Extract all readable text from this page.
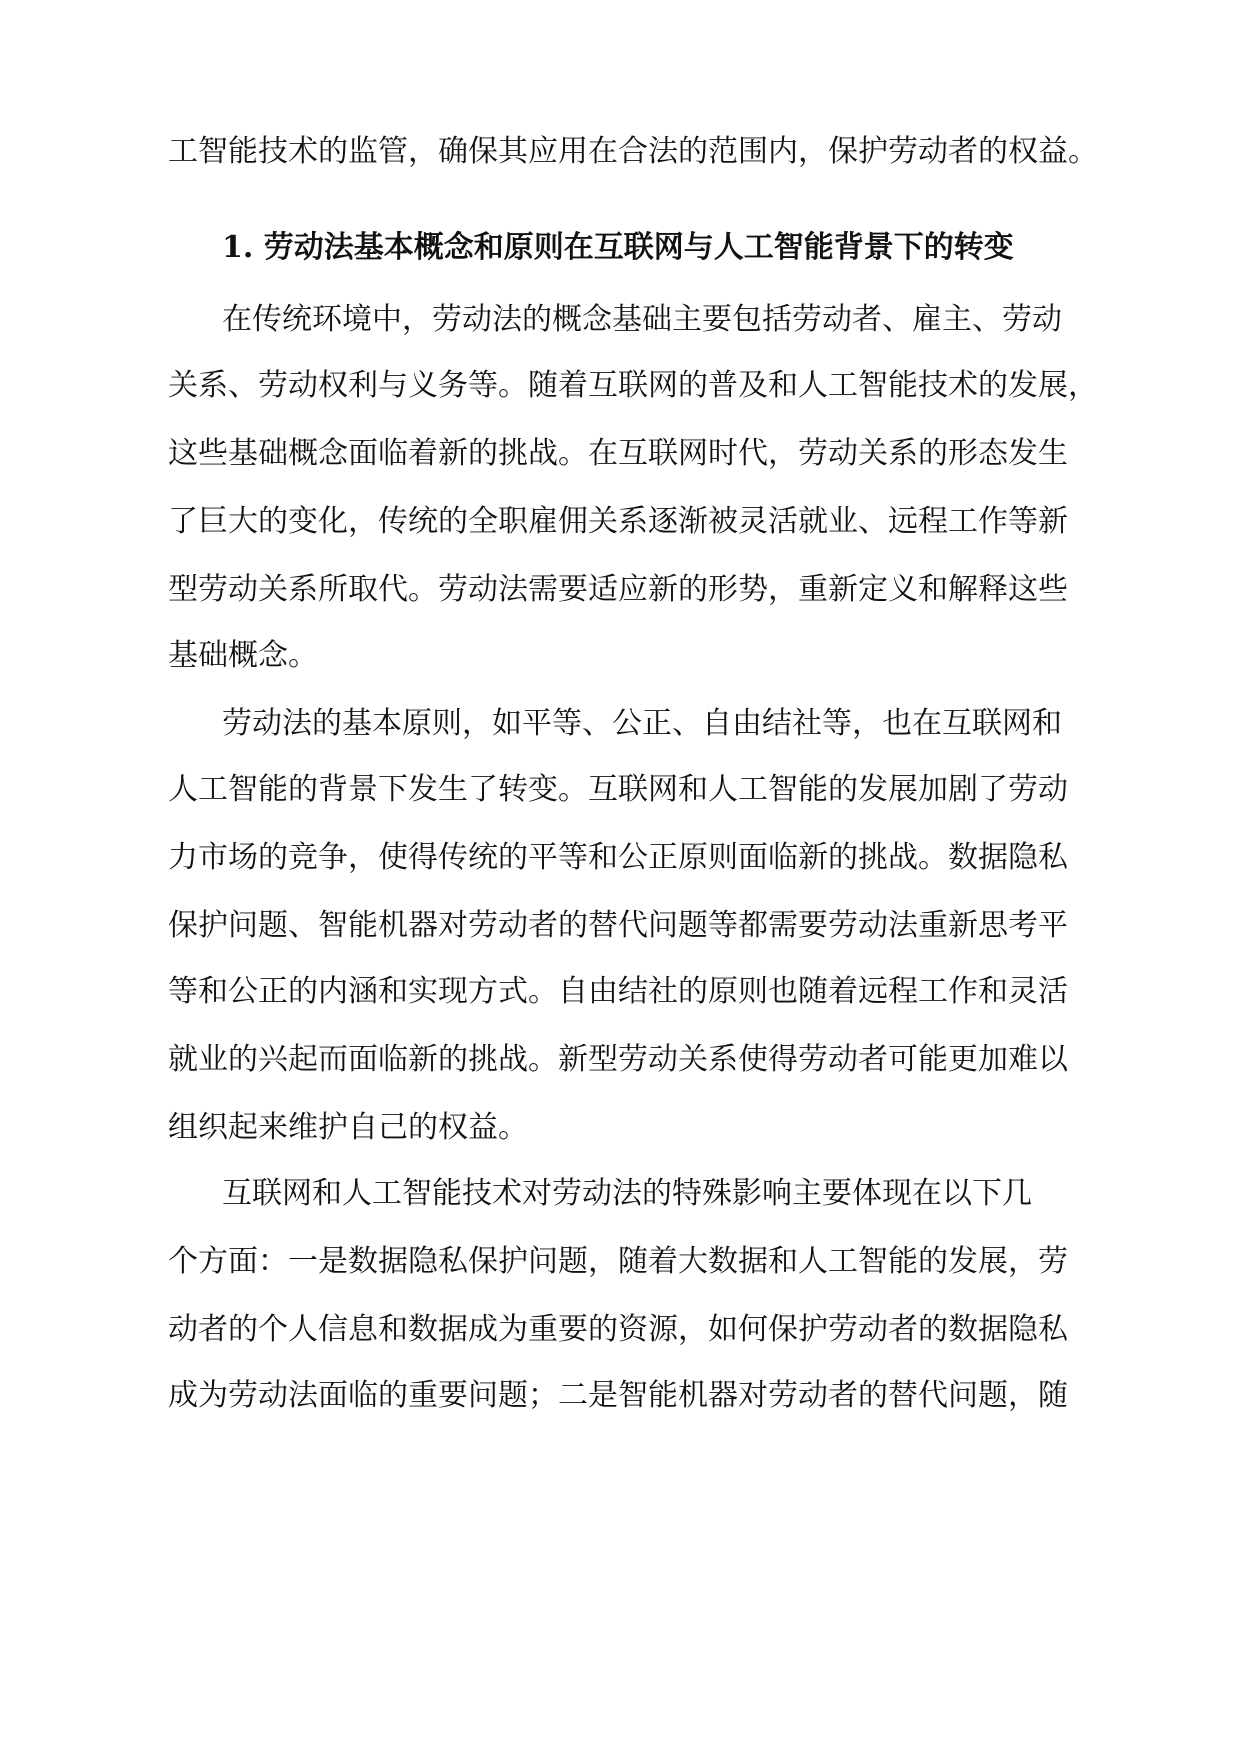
工智能技术的监管，确保其应用在合法的范围内，保护劳动者的权益。
1. 劳动法基本概念和原则在互联网与人工智能背景下的转变
在传统环境中，劳动法的概念基础主要包括劳动者、雇主、劳动
关系、劳动权利与义务等。随着互联网的普及和人工智能技术的发展，
这些基础概念面临着新的挑战。在互联网时代，劳动关系的形态发生
了巨大的变化，传统的全职雇佣关系逐渐被灵活就业、远程工作等新
型劳动关系所取代。劳动法需要适应新的形势，重新定义和解释这些
基础概念。
劳动法的基本原则，如平等、公正、自由结社等，也在互联网和
人工智能的背景下发生了转变。互联网和人工智能的发展加剧了劳动
力市场的竞争，使得传统的平等和公正原则面临新的挑战。数据隐私
保护问题、智能机器对劳动者的替代问题等都需要劳动法重新思考平
等和公正的内涵和实现方式。自由结社的原则也随着远程工作和灵活
就业的兴起而面临新的挑战。新型劳动关系使得劳动者可能更加难以
组织起来维护自己的权益。
互联网和人工智能技术对劳动法的特殊影响主要体现在以下几
个方面：一是数据隐私保护问题，随着大数据和人工智能的发展，劳
动者的个人信息和数据成为重要的资源，如何保护劳动者的数据隐私
成为劳动法面临的重要问题；二是智能机器对劳动者的替代问题，随
